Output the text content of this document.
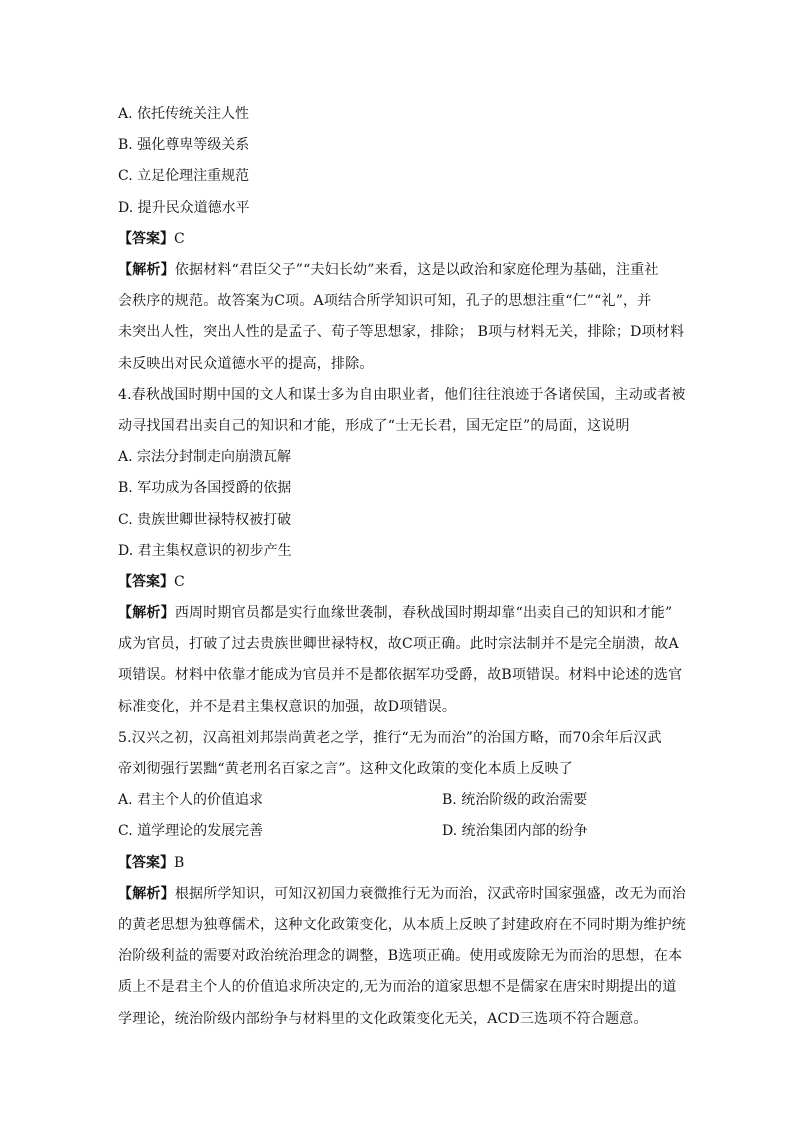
A. 依托传统关注人性
B. 强化尊卑等级关系
C. 立足伦理注重规范
D. 提升民众道德水平
【答案】C
【解析】依据材料“君臣父子”“夫妇长幼”来看，这是以政治和家庭伦理为基础，注重社
会秩序的规范。故答案为C项。A项结合所学知识可知，孔子的思想注重“仁”“礼”，并
未突出人性，突出人性的是孟子、荀子等思想家，排除； B项与材料无关，排除；D项材料
未反映出对民众道德水平的提高，排除。
4.春秋战国时期中国的文人和谋士多为自由职业者，他们往往浪迹于各诸侯国，主动或者被
动寻找国君出卖自己的知识和才能，形成了“士无长君，国无定臣”的局面，这说明
A. 宗法分封制走向崩溃瓦解
B. 军功成为各国授爵的依据
C. 贵族世卿世禄特权被打破
D. 君主集权意识的初步产生
【答案】C
【解析】西周时期官员都是实行血缘世袭制，春秋战国时期却靠“出卖自己的知识和才能”
成为官员，打破了过去贵族世卿世禄特权，故C项正确。此时宗法制并不是完全崩溃，故A
项错误。材料中依靠才能成为官员并不是都依据军功受爵，故B项错误。材料中论述的选官
标准变化，并不是君主集权意识的加强，故D项错误。
5.汉兴之初，汉高祖刘邦崇尚黄老之学，推行“无为而治”的治国方略，而70余年后汉武
帝刘彻强行罢黜“黄老刑名百家之言”。这种文化政策的变化本质上反映了
A. 君主个人的价值追求	B. 统治阶级的政治需要
C. 道学理论的发展完善	D. 统治集团内部的纷争
【答案】B
【解析】根据所学知识，可知汉初国力衰微推行无为而治，汉武帝时国家强盛，改无为而治
的黄老思想为独尊儒术，这种文化政策变化，从本质上反映了封建政府在不同时期为维护统
治阶级利益的需要对政治统治理念的调整，B选项正确。使用或废除无为而治的思想，在本
质上不是君主个人的价值追求所决定的,无为而治的道家思想不是儒家在唐宋时期提出的道
学理论，统治阶级内部纷争与材料里的文化政策变化无关，ACD三选项不符合题意。
